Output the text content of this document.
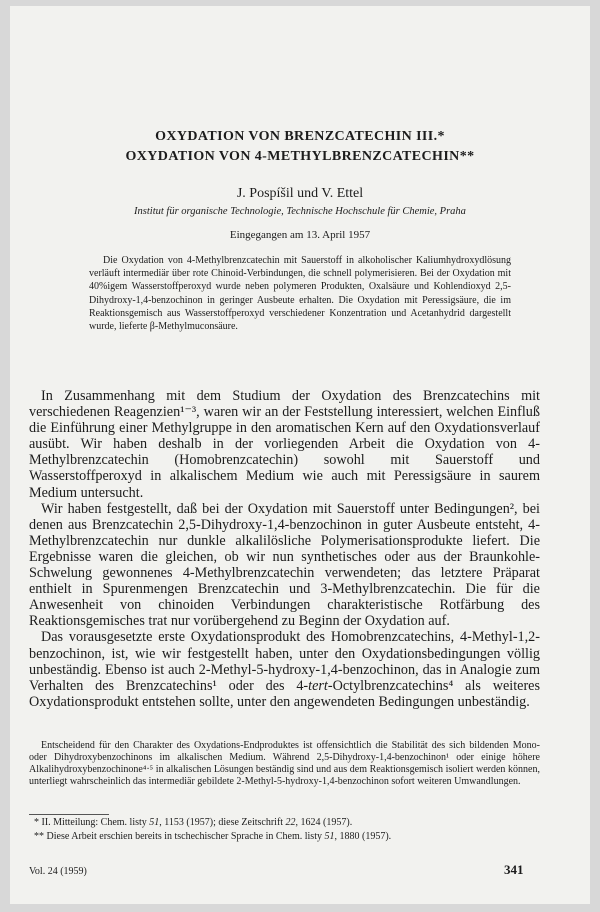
OXYDATION VON BRENZCATECHIN III.*
OXYDATION VON 4-METHYLBRENZCATECHIN**
J. Pospíšil und V. Ettel
Institut für organische Technologie, Technische Hochschule für Chemie, Praha
Eingegangen am 13. April 1957

Die Oxydation von 4-Methylbrenzcatechin mit Sauerstoff in alkoholischer Kaliumhydroxydlösung verläuft intermediär über rote Chinoid-Verbindungen, die schnell polymerisieren. Bei der Oxydation mit 40%igem Wasserstoffperoxyd wurde neben polymeren Produkten, Oxalsäure und Kohlendioxyd 2,5-Dihydroxy-1,4-benzochinon in geringer Ausbeute erhalten. Die Oxydation mit Peressigsäure, die im Reaktionsgemisch aus Wasserstoffperoxyd verschiedener Konzentration und Acetanhydrid dargestellt wurde, lieferte β-Methylmuconsäure.

In Zusammenhang mit dem Studium der Oxydation des Brenzcatechins mit verschiedenen Reagenzien¹⁻³, waren wir an der Feststellung interessiert, welchen Einfluß die Einführung einer Methylgruppe in den aromatischen Kern auf den Oxydationsverlauf ausübt. Wir haben deshalb in der vorliegenden Arbeit die Oxydation von 4-Methylbrenzcatechin (Homobrenzcatechin) sowohl mit Sauerstoff und Wasserstoffperoxyd in alkalischem Medium wie auch mit Peressigsäure in saurem Medium untersucht.

Wir haben festgestellt, daß bei der Oxydation mit Sauerstoff unter Bedingungen², bei denen aus Brenzcatechin 2,5-Dihydroxy-1,4-benzochinon in guter Ausbeute entsteht, 4-Methylbrenzcatechin nur dunkle alkalilösliche Polymerisationsprodukte liefert. Die Ergebnisse waren die gleichen, ob wir nun synthetisches oder aus der Braunkohle-Schwelung gewonnenes 4-Methylbrenzcatechin verwendeten; das letztere Präparat enthielt in Spurenmengen Brenzcatechin und 3-Methylbrenzcatechin. Die für die Anwesenheit von chinoiden Verbindungen charakteristische Rotfärbung des Reaktionsgemisches trat nur vorübergehend zu Beginn der Oxydation auf.

Das vorausgesetzte erste Oxydationsprodukt des Homobrenzcatechins, 4-Methyl-1,2-benzochinon, ist, wie wir festgestellt haben, unter den Oxydationsbedingungen völlig unbeständig. Ebenso ist auch 2-Methyl-5-hydroxy-1,4-benzochinon, das in Analogie zum Verhalten des Brenzcatechins¹ oder des 4-tert-Octylbrenzcatechins⁴ als weiteres Oxydationsprodukt entstehen sollte, unter den angewendeten Bedingungen unbeständig.

Entscheidend für den Charakter des Oxydations-Endproduktes ist offensichtlich die Stabilität des sich bildenden Mono- oder Dihydroxybenzochinons im alkalischen Medium. Während 2,5-Dihydroxy-1,4-benzochinon¹ oder einige höhere Alkalihydroxybenzochinone⁴·⁵ in alkalischen Lösungen beständig sind und aus dem Reaktionsgemisch isoliert werden können, unterliegt wahrscheinlich das intermediär gebildete 2-Methyl-5-hydroxy-1,4-benzochinon sofort weiteren Umwandlungen.

* II. Mitteilung: Chem. listy 51, 1153 (1957); diese Zeitschrift 22, 1624 (1957).

** Diese Arbeit erschien bereits in tschechischer Sprache in Chem. listy 51, 1880 (1957).

Vol. 24 (1959)	341
